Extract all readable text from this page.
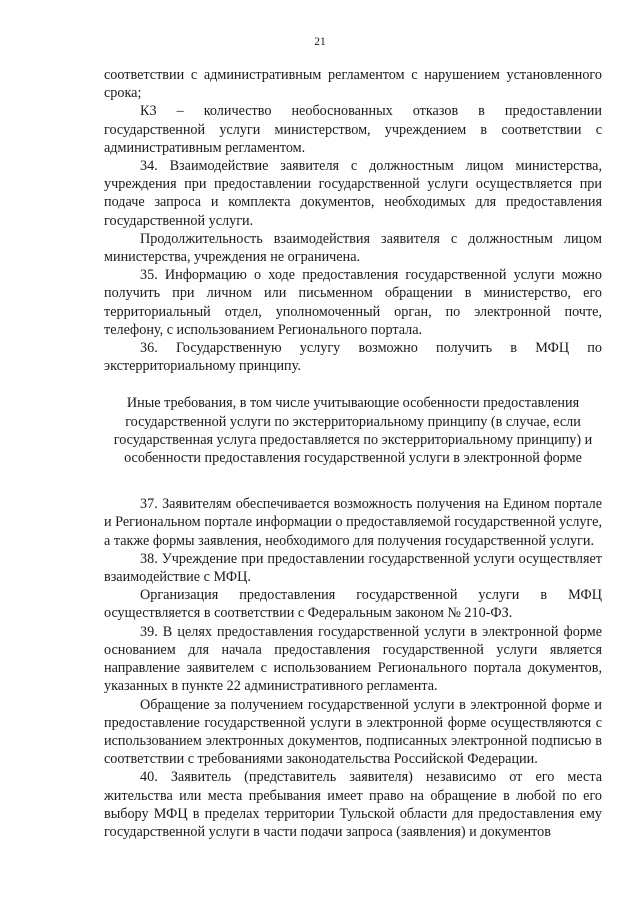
21

соответствии с административным регламентом с нарушением установленного срока;

К3 – количество необоснованных отказов в предоставлении государственной услуги министерством, учреждением в соответствии с административным регламентом.

34. Взаимодействие заявителя с должностным лицом министерства, учреждения при предоставлении государственной услуги осуществляется при подаче запроса и комплекта документов, необходимых для предоставления государственной услуги.

Продолжительность взаимодействия заявителя с должностным лицом министерства, учреждения не ограничена.

35. Информацию о ходе предоставления государственной услуги можно получить при личном или письменном обращении в министерство, его территориальный отдел, уполномоченный орган, по электронной почте, телефону, с использованием Регионального портала.

36. Государственную услугу возможно получить в МФЦ по экстерриториальному принципу.

Иные требования, в том числе учитывающие особенности предоставления государственной услуги по экстерриториальному принципу (в случае, если государственная услуга предоставляется по экстерриториальному принципу) и особенности предоставления государственной услуги в электронной форме

37. Заявителям обеспечивается возможность получения на Едином портале и Региональном портале информации о предоставляемой государственной услуге, а также формы заявления, необходимого для получения государственной услуги.

38. Учреждение при предоставлении государственной услуги осуществляет взаимодействие с МФЦ.

Организация предоставления государственной услуги в МФЦ осуществляется в соответствии с Федеральным законом № 210-ФЗ.

39. В целях предоставления государственной услуги в электронной форме основанием для начала предоставления государственной услуги является направление заявителем с использованием Регионального портала документов, указанных в пункте 22 административного регламента.

Обращение за получением государственной услуги в электронной форме и предоставление государственной услуги в электронной форме осуществляются с использованием электронных документов, подписанных электронной подписью в соответствии с требованиями законодательства Российской Федерации.

40. Заявитель (представитель заявителя) независимо от его места жительства или места пребывания имеет право на обращение в любой по его выбору МФЦ в пределах территории Тульской области для предоставления ему государственной услуги в части подачи запроса (заявления) и документов
